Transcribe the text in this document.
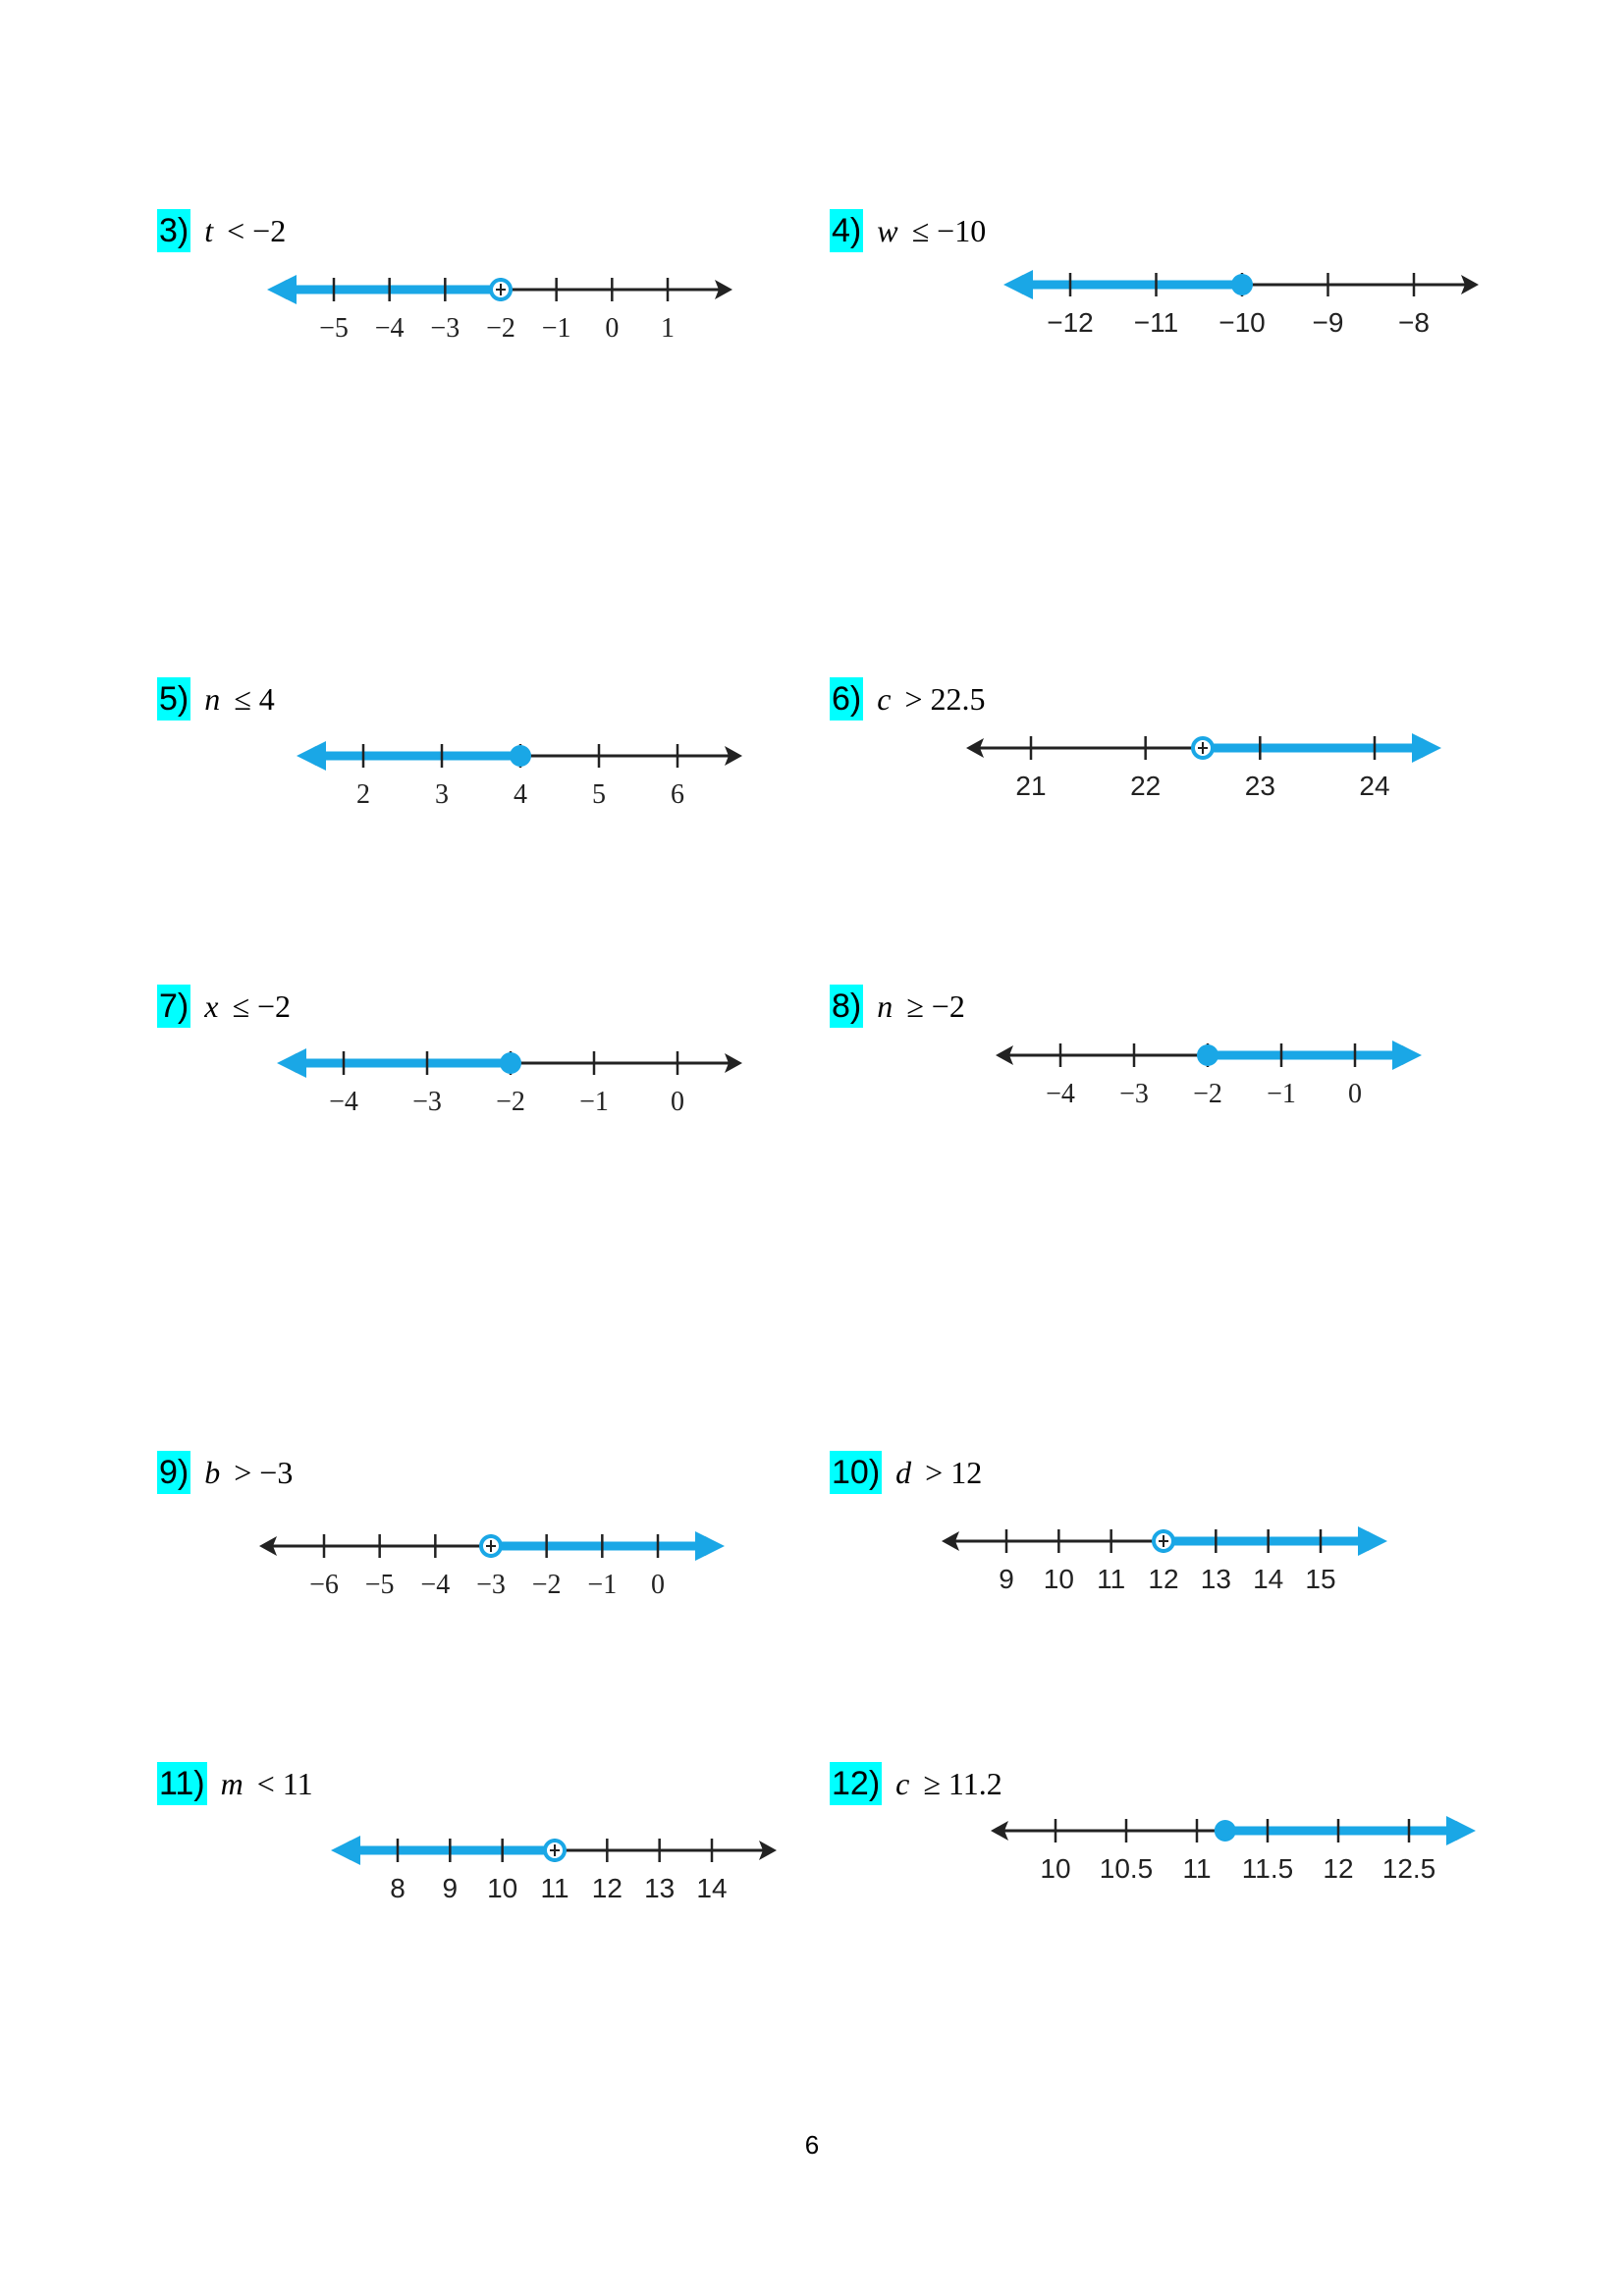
3) t < −2
−5 −4 −3 −2 −1 0 1
4) w ≤ −10
−12 −11 −10 −9 −8
5) n ≤ 4
2 3 4 5 6
6) c > 22.5
21	22	23	24
7) x ≤ −2
−4 −3 −2 −1 0
8) n ≥ −2
−4 −3 −2 −1 0
9) b > −3
−6 −5 −4 −3 −2 −1 0
10) d > 12
9 10 11 12 13 14 15
11) m < 11
8 9 10 11 12 13 14
12) c ≥ 11.2
10 10.5 11 11.5 12 12.5
6
